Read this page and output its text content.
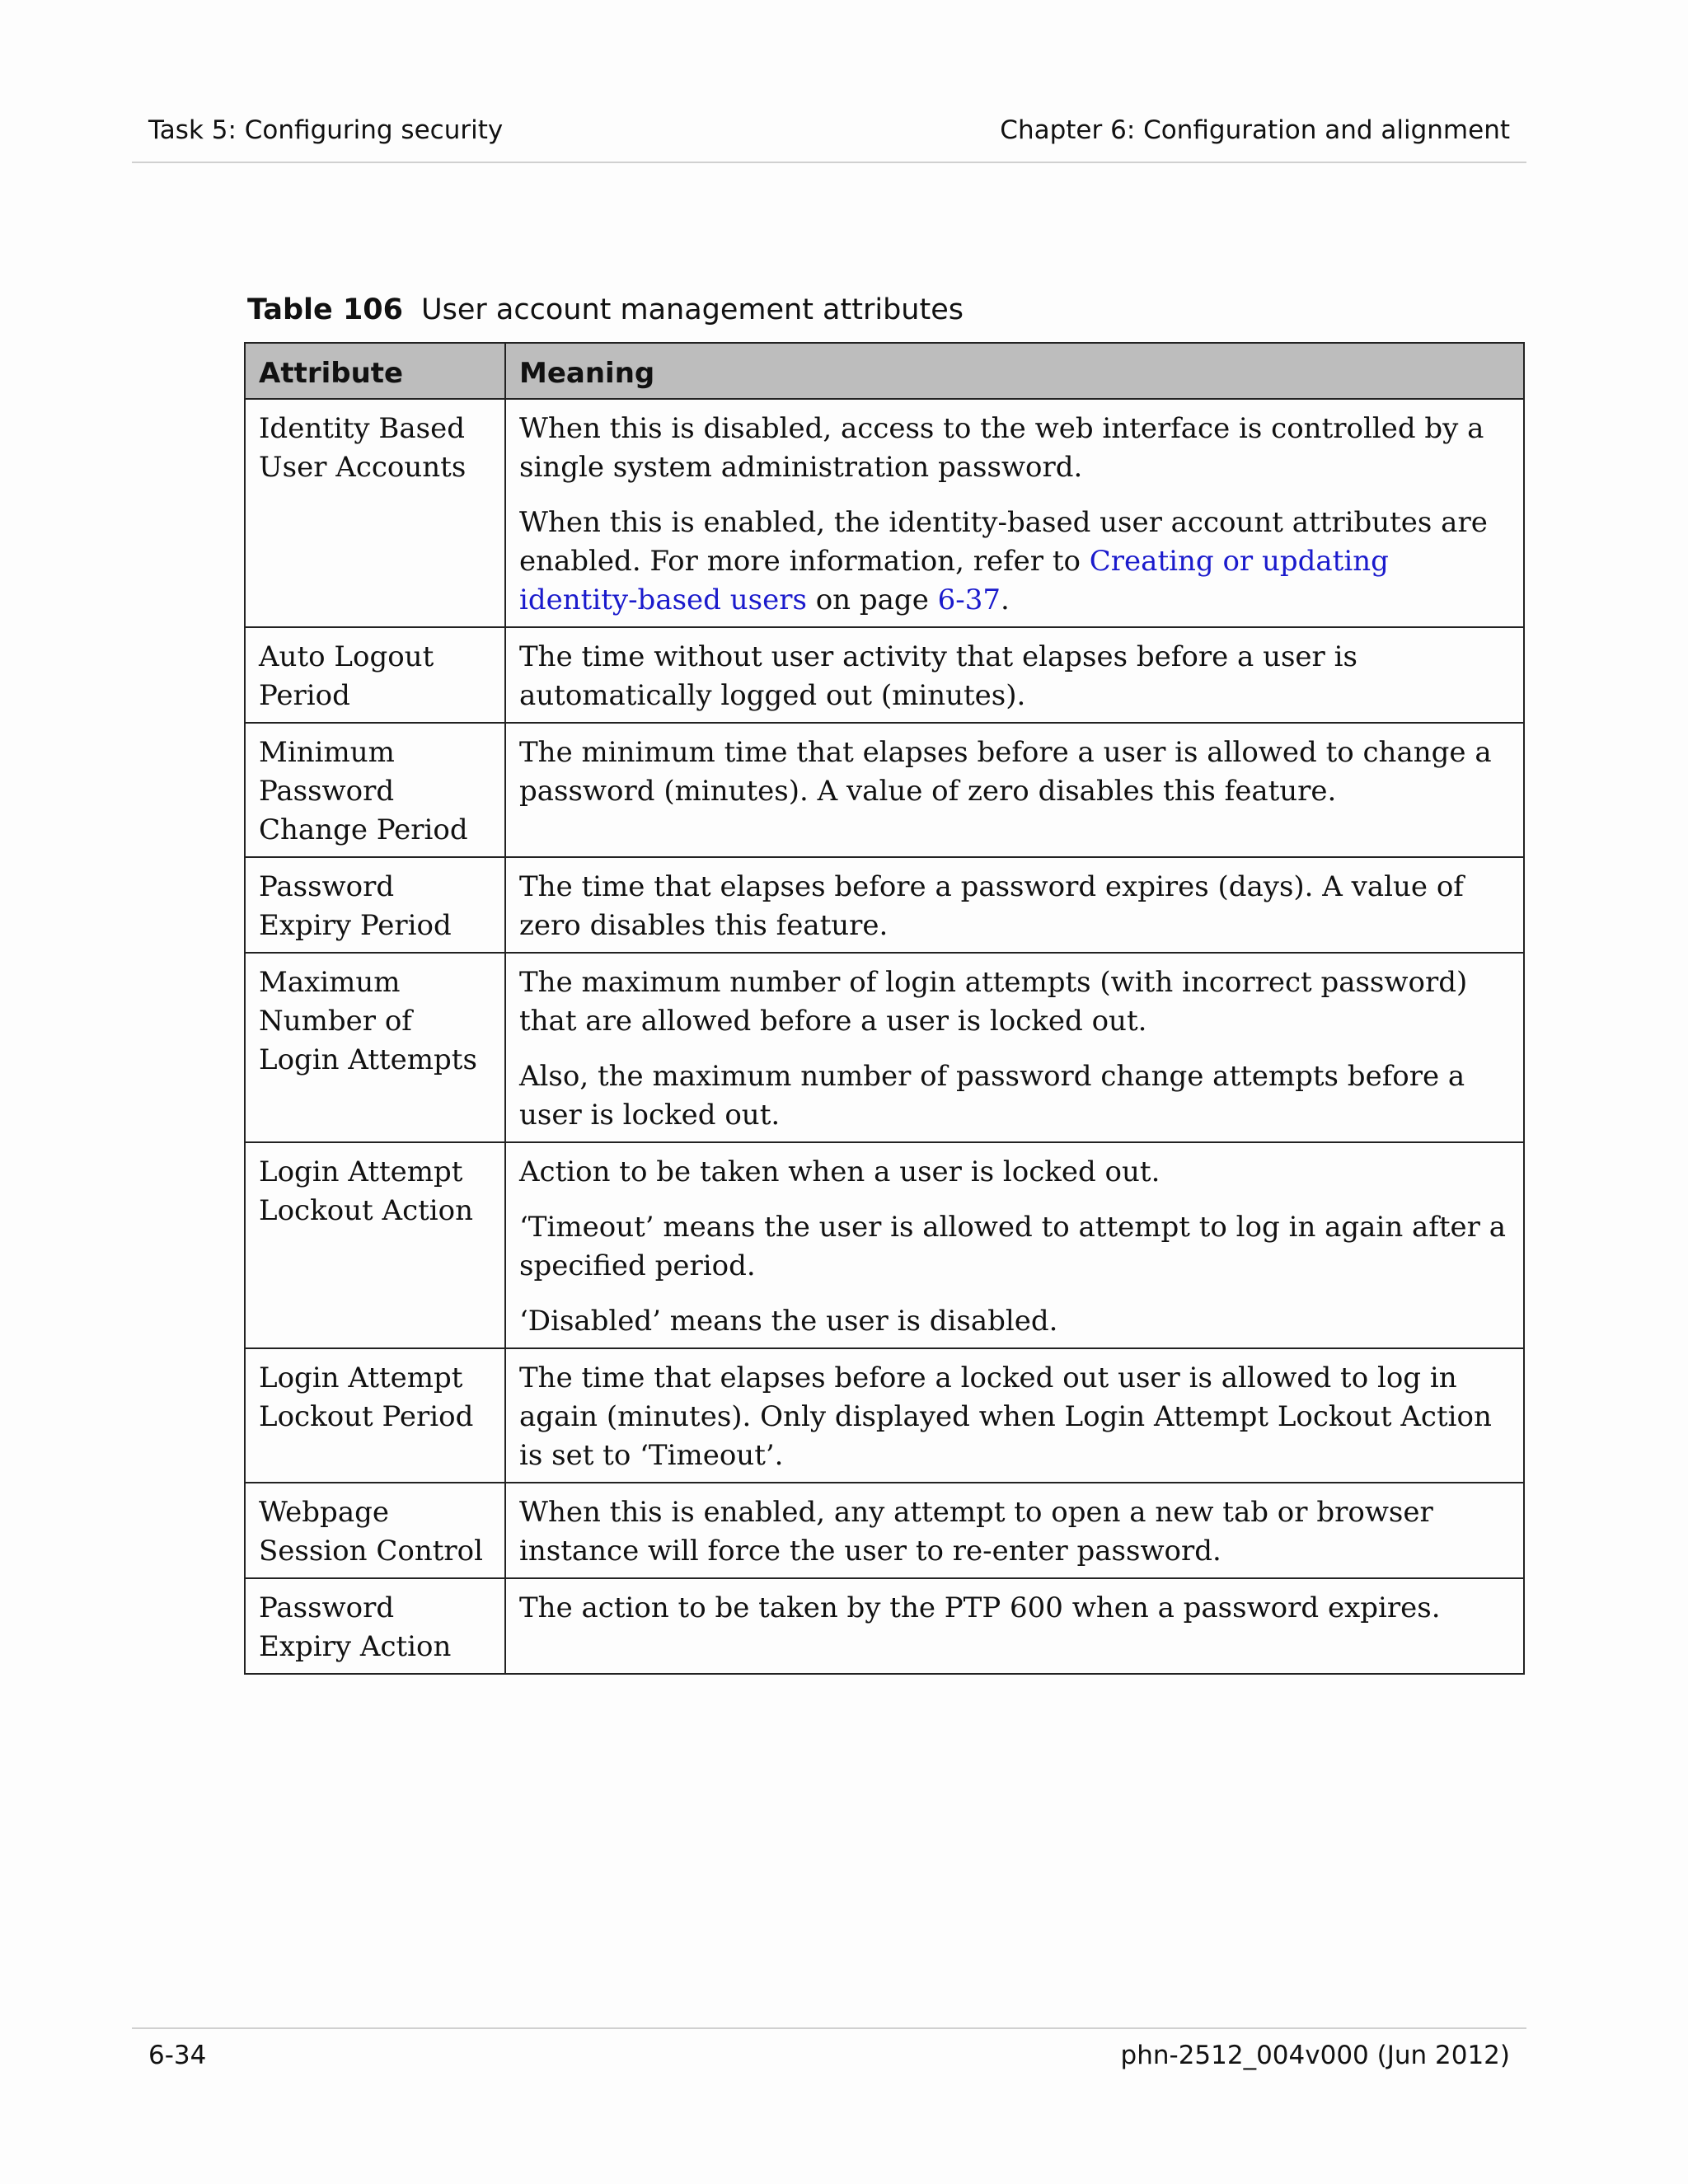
Task 5: Configuring security	Chapter 6: Configuration and alignment
Table 106 User account management attributes
Attribute	Meaning
Identity Based User Accounts	When this is disabled, access to the web interface is controlled by a single system administration password.

When this is enabled, the identity-based user account attributes are enabled. For more information, refer to Creating or updating identity-based users on page 6-37.

Auto Logout Period	The time without user activity that elapses before a user is automatically logged out (minutes).

Minimum Password Change Period	The minimum time that elapses before a user is allowed to change a password (minutes). A value of zero disables this feature.

Password Expiry Period	The time that elapses before a password expires (days). A value of zero disables this feature.

Maximum Number of Login Attempts	The maximum number of login attempts (with incorrect password) that are allowed before a user is locked out.

Also, the maximum number of password change attempts before a user is locked out.

Login Attempt Lockout Action	Action to be taken when a user is locked out.

‘Timeout’ means the user is allowed to attempt to log in again after a specified period.

‘Disabled’ means the user is disabled.

Login Attempt Lockout Period	The time that elapses before a locked out user is allowed to log in again (minutes). Only displayed when Login Attempt Lockout Action is set to ‘Timeout’.

Webpage Session Control	When this is enabled, any attempt to open a new tab or browser instance will force the user to re-enter password.

Password Expiry Action	The action to be taken by the PTP 600 when a password expires.

6-34	phn-2512_004v000 (Jun 2012)
